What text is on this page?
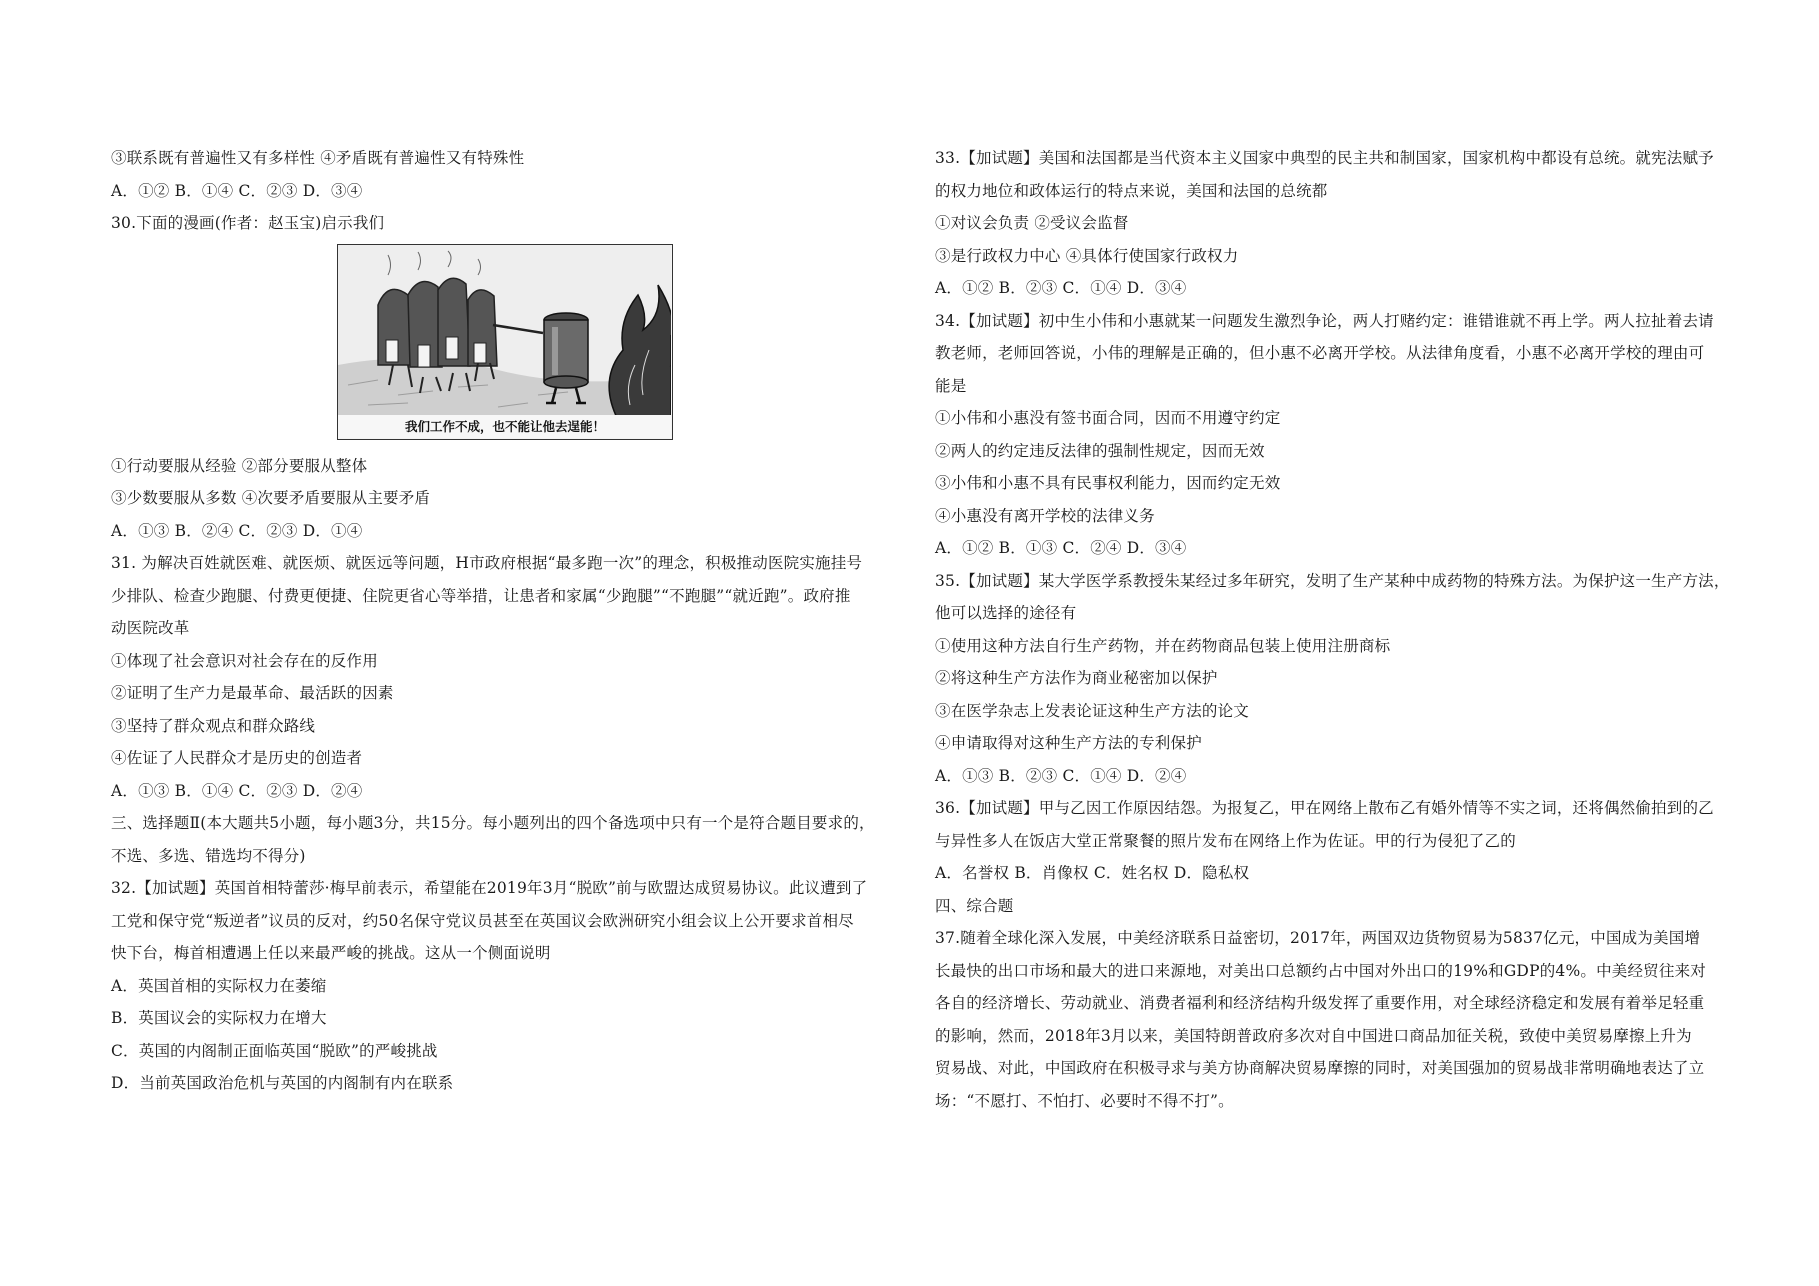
③联系既有普遍性又有多样性 ④矛盾既有普遍性又有特殊性
A．①② B．①④ C．②③ D．③④
30.下面的漫画(作者：赵玉宝)启示我们
我们工作不成，也不能让他去逞能！
①行动要服从经验 ②部分要服从整体
③少数要服从多数 ④次要矛盾要服从主要矛盾
A．①③ B．②④ C．②③ D．①④
31. 为解决百姓就医难、就医烦、就医远等问题，H市政府根据“最多跑一次”的理念，积极推动医院实施挂号
少排队、检查少跑腿、付费更便捷、住院更省心等举措，让患者和家属“少跑腿”“不跑腿”“就近跑”。政府推
动医院改革
①体现了社会意识对社会存在的反作用
②证明了生产力是最革命、最活跃的因素
③坚持了群众观点和群众路线
④佐证了人民群众才是历史的创造者
A．①③ B．①④ C．②③ D．②④
三、选择题Ⅱ(本大题共5小题，每小题3分，共15分。每小题列出的四个备选项中只有一个是符合题目要求的，
不选、多选、错选均不得分)
32.【加试题】英国首相特蕾莎·梅早前表示，希望能在2019年3月“脱欧”前与欧盟达成贸易协议。此议遭到了
工党和保守党“叛逆者”议员的反对，约50名保守党议员甚至在英国议会欧洲研究小组会议上公开要求首相尽
快下台，梅首相遭遇上任以来最严峻的挑战。这从一个侧面说明
A．英国首相的实际权力在萎缩
B．英国议会的实际权力在增大
C．英国的内阁制正面临英国“脱欧”的严峻挑战
D．当前英国政治危机与英国的内阁制有内在联系
33.【加试题】美国和法国都是当代资本主义国家中典型的民主共和制国家，国家机构中都设有总统。就宪法赋予
的权力地位和政体运行的特点来说，美国和法国的总统都
①对议会负责 ②受议会监督
③是行政权力中心 ④具体行使国家行政权力
A．①② B．②③ C．①④ D．③④
34.【加试题】初中生小伟和小惠就某一问题发生激烈争论，两人打赌约定：谁错谁就不再上学。两人拉扯着去请
教老师，老师回答说，小伟的理解是正确的，但小惠不必离开学校。从法律角度看，小惠不必离开学校的理由可
能是
①小伟和小惠没有签书面合同，因而不用遵守约定
②两人的约定违反法律的强制性规定，因而无效
③小伟和小惠不具有民事权利能力，因而约定无效
④小惠没有离开学校的法律义务
A．①② B．①③ C．②④ D．③④
35.【加试题】某大学医学系教授朱某经过多年研究，发明了生产某种中成药物的特殊方法。为保护这一生产方法，
他可以选择的途径有
①使用这种方法自行生产药物，并在药物商品包装上使用注册商标
②将这种生产方法作为商业秘密加以保护
③在医学杂志上发表论证这种生产方法的论文
④申请取得对这种生产方法的专利保护
A．①③ B．②③ C．①④ D．②④
36.【加试题】甲与乙因工作原因结怨。为报复乙，甲在网络上散布乙有婚外情等不实之词，还将偶然偷拍到的乙
与异性多人在饭店大堂正常聚餐的照片发布在网络上作为佐证。甲的行为侵犯了乙的
A．名誉权 B．肖像权 C．姓名权 D．隐私权
四、综合题
37.随着全球化深入发展，中美经济联系日益密切，2017年，两国双边货物贸易为5837亿元，中国成为美国增
长最快的出口市场和最大的进口来源地，对美出口总额约占中国对外出口的19%和GDP的4%。中美经贸往来对
各自的经济增长、劳动就业、消费者福利和经济结构升级发挥了重要作用，对全球经济稳定和发展有着举足轻重
的影响，然而，2018年3月以来，美国特朗普政府多次对自中国进口商品加征关税，致使中美贸易摩擦上升为
贸易战、对此，中国政府在积极寻求与美方协商解决贸易摩擦的同时，对美国强加的贸易战非常明确地表达了立
场：“不愿打、不怕打、必要时不得不打”。
